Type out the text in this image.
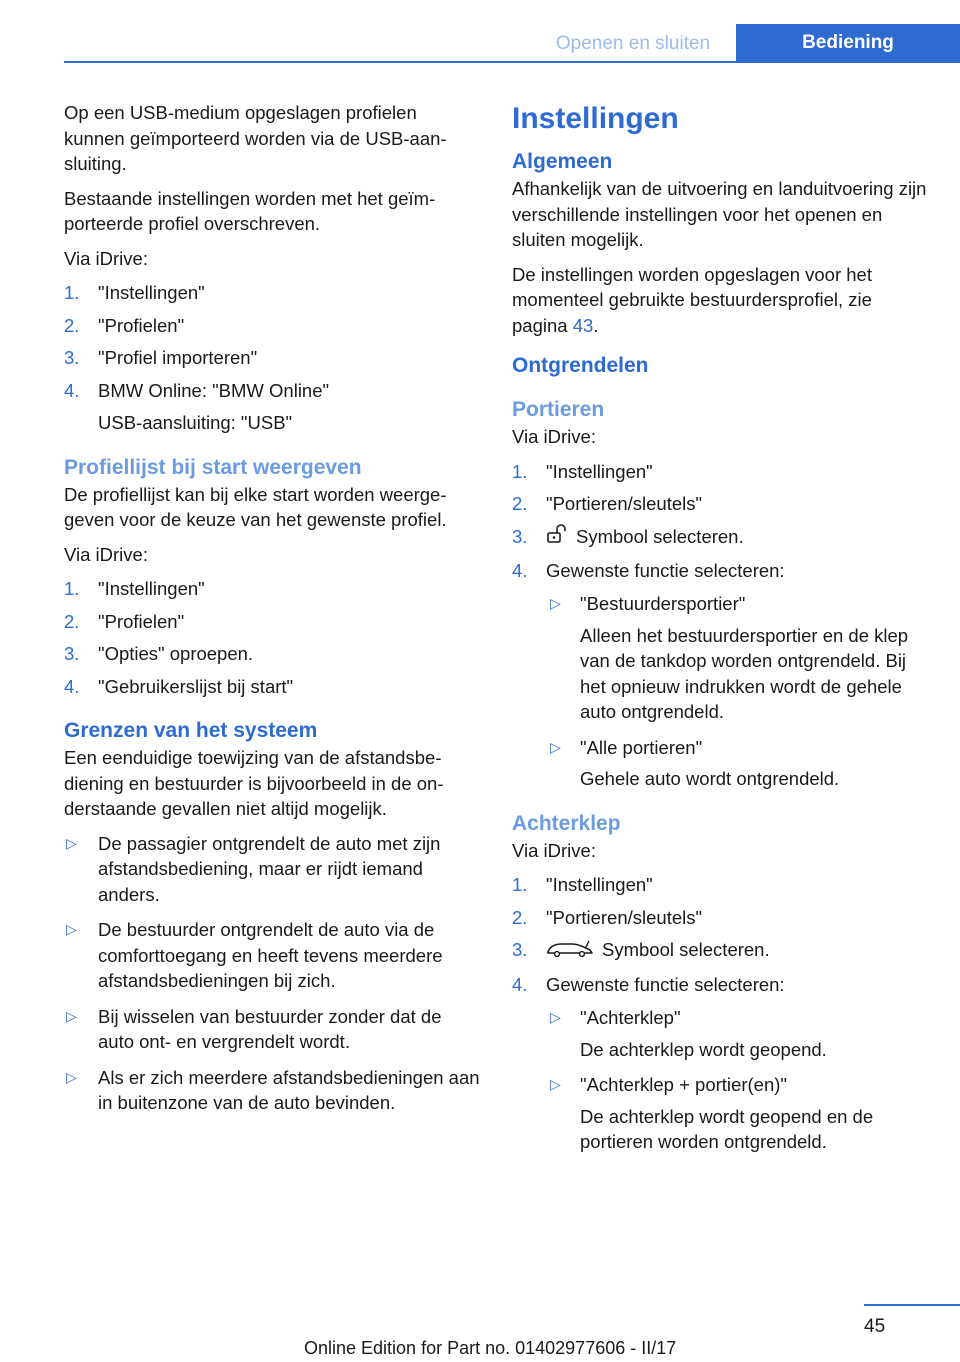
Openen en sluiten	Bediening

Op een USB-medium opgeslagen profielen kunnen geïmporteerd worden via de USB-aansluiting.

Bestaande instellingen worden met het geïmporteerde profiel overschreven.

Via iDrive:

1. "Instellingen"
2. "Profielen"
3. "Profiel importeren"
4. BMW Online: "BMW Online"
USB-aansluiting: "USB"
Profiellijst bij start weergeven

De profiellijst kan bij elke start worden weergegeven voor de keuze van het gewenste profiel.

Via iDrive:

1. "Instellingen"
2. "Profielen"
3. "Opties" oproepen.
4. "Gebruikerslijst bij start"
Grenzen van het systeem

Een eenduidige toewijzing van de afstandsbediening en bestuurder is bijvoorbeeld in de onderstaande gevallen niet altijd mogelijk.

▷ De passagier ontgrendelt de auto met zijn afstandsbediening, maar er rijdt iemand anders.
▷ De bestuurder ontgrendelt de auto via de comforttoegang en heeft tevens meerdere afstandsbedieningen bij zich.
▷ Bij wisselen van bestuurder zonder dat de auto ont- en vergrendelt wordt.
▷ Als er zich meerdere afstandsbedieningen aan in buitenzone van de auto bevinden.
Instellingen
Algemeen

Afhankelijk van de uitvoering en landuitvoering zijn verschillende instellingen voor het openen en sluiten mogelijk.

De instellingen worden opgeslagen voor het momenteel gebruikte bestuurdersprofiel, zie pagina 43.

Ontgrendelen
Portieren

Via iDrive:

1. "Instellingen"
2. "Portieren/sleutels"
3.	Symbool selecteren.
4. Gewenste functie selecteren:
▷ "Bestuurdersportier"
Alleen het bestuurdersportier en de klep van de tankdop worden ontgrendeld. Bij het opnieuw indrukken wordt de gehele auto ontgrendeld.
▷ "Alle portieren"
Gehele auto wordt ontgrendeld.
Achterklep

Via iDrive:

1. "Instellingen"
2. "Portieren/sleutels"
3.	Symbool selecteren.
4. Gewenste functie selecteren:
▷ "Achterklep"
De achterklep wordt geopend.
▷ "Achterklep + portier(en)"
De achterklep wordt geopend en de portieren worden ontgrendeld.
45
Online Edition for Part no. 01402977606 - II/17
